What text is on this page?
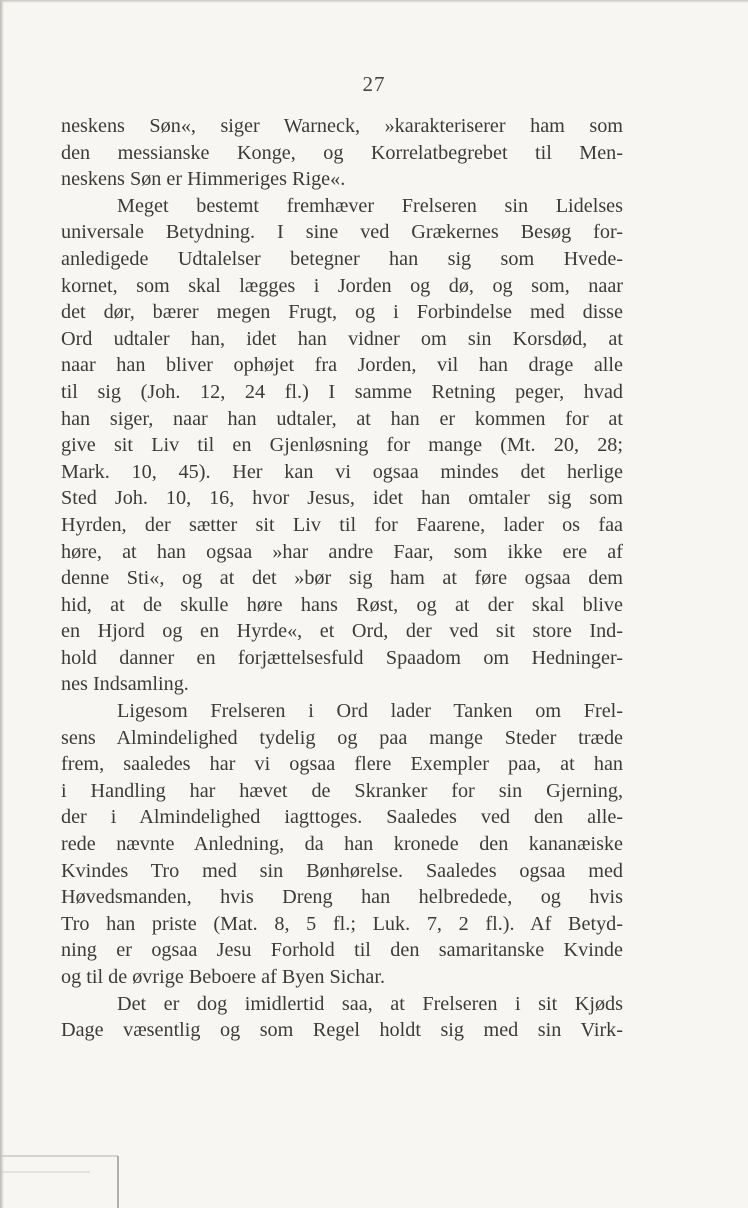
27
neskens Søn«, siger Warneck, »karakteriserer ham som
den messianske Konge, og Korrelatbegrebet til Men-
neskens Søn er Himmeriges Rige«.
Meget bestemt fremhæver Frelseren sin Lidelses
universale Betydning. I sine ved Grækernes Besøg for-
anledigede Udtalelser betegner han sig som Hvede-
kornet, som skal lægges i Jorden og dø, og som, naar
det dør, bærer megen Frugt, og i Forbindelse med disse
Ord udtaler han, idet han vidner om sin Korsdød, at
naar han bliver ophøjet fra Jorden, vil han drage alle
til sig (Joh. 12, 24 fl.) I samme Retning peger, hvad
han siger, naar han udtaler, at han er kommen for at
give sit Liv til en Gjenløsning for mange (Mt. 20, 28;
Mark. 10, 45). Her kan vi ogsaa mindes det herlige
Sted Joh. 10, 16, hvor Jesus, idet han omtaler sig som
Hyrden, der sætter sit Liv til for Faarene, lader os faa
høre, at han ogsaa »har andre Faar, som ikke ere af
denne Sti«, og at det »bør sig ham at føre ogsaa dem
hid, at de skulle høre hans Røst, og at der skal blive
en Hjord og en Hyrde«, et Ord, der ved sit store Ind-
hold danner en forjættelsesfuld Spaadom om Hedninger-
nes Indsamling.
Ligesom Frelseren i Ord lader Tanken om Frel-
sens Almindelighed tydelig og paa mange Steder træde
frem, saaledes har vi ogsaa flere Exempler paa, at han
i Handling har hævet de Skranker for sin Gjerning,
der i Almindelighed iagttoges. Saaledes ved den alle-
rede nævnte Anledning, da han kronede den kananæiske
Kvindes Tro med sin Bønhørelse. Saaledes ogsaa med
Høvedsmanden, hvis Dreng han helbredede, og hvis
Tro han priste (Mat. 8, 5 fl.; Luk. 7, 2 fl.). Af Betyd-
ning er ogsaa Jesu Forhold til den samaritanske Kvinde
og til de øvrige Beboere af Byen Sichar.
Det er dog imidlertid saa, at Frelseren i sit Kjøds
Dage væsentlig og som Regel holdt sig med sin Virk-
